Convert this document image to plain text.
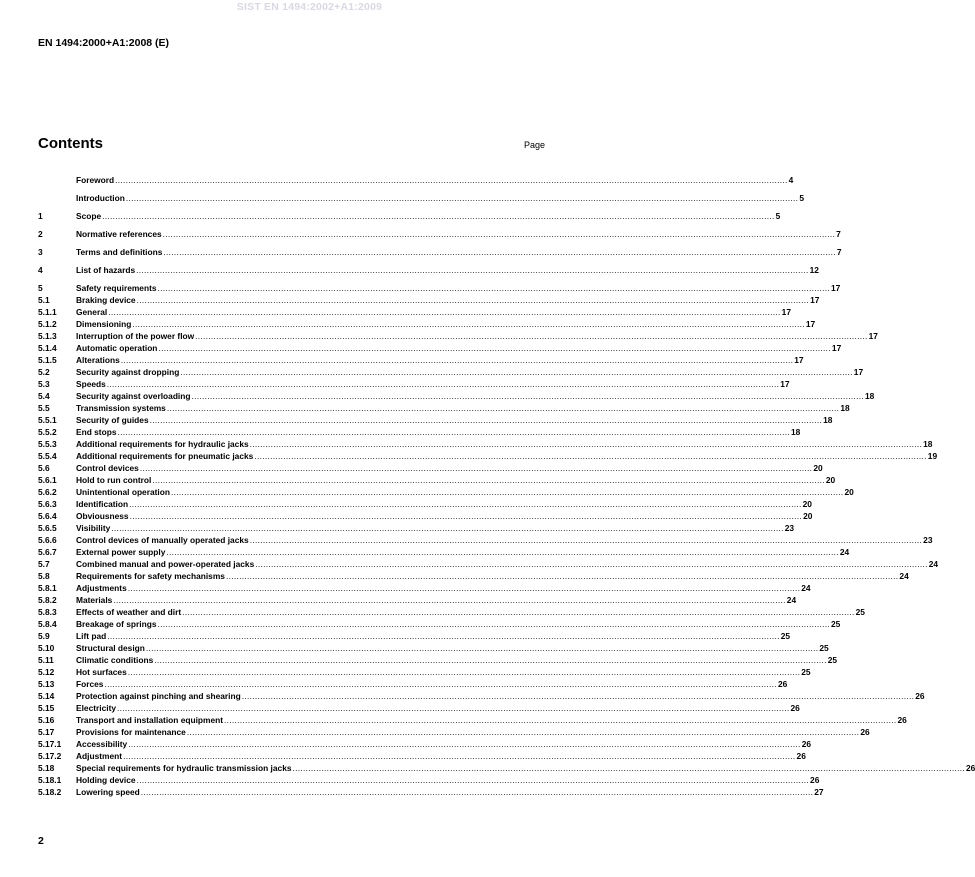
SIST EN 1494:2002+A1:2009
EN 1494:2000+A1:2008 (E)
Contents	Page
Foreword .....	4
Introduction .....	5
1	Scope .....	5
2	Normative references .....	7
3	Terms and definitions .....	7
4	List of hazards .....	12
5	Safety requirements .....	17
5.1	Braking device .....	17
5.1.1	General .....	17
5.1.2	Dimensioning .....	17
5.1.3	Interruption of the power flow .....	17
5.1.4	Automatic operation .....	17
5.1.5	Alterations .....	17
5.2	Security against dropping .....	17
5.3	Speeds .....	17
5.4	Security against overloading .....	18
5.5	Transmission systems .....	18
5.5.1	Security of guides .....	18
5.5.2	End stops .....	18
5.5.3	Additional requirements for hydraulic jacks .....	18
5.5.4	Additional requirements for pneumatic jacks .....	19
5.6	Control devices .....	20
5.6.1	Hold to run control .....	20
5.6.2	Unintentional operation .....	20
5.6.3	Identification .....	20
5.6.4	Obviousness .....	20
5.6.5	Visibility .....	23
5.6.6	Control devices of manually operated jacks .....	23
5.6.7	External power supply .....	24
5.7	Combined manual and power-operated jacks .....	24
5.8	Requirements for safety mechanisms .....	24
5.8.1	Adjustments .....	24
5.8.2	Materials .....	24
5.8.3	Effects of weather and dirt .....	25
5.8.4	Breakage of springs .....	25
5.9	Lift pad .....	25
5.10	Structural design .....	25
5.11	Climatic conditions .....	25
5.12	Hot surfaces .....	25
5.13	Forces .....	26
5.14	Protection against pinching and shearing .....	26
5.15	Electricity .....	26
5.16	Transport and installation equipment .....	26
5.17	Provisions for maintenance .....	26
5.17.1	Accessibility .....	26
5.17.2	Adjustment .....	26
5.18	Special requirements for hydraulic transmission jacks .....	26
5.18.1	Holding device .....	26
5.18.2	Lowering speed .....	27
2
